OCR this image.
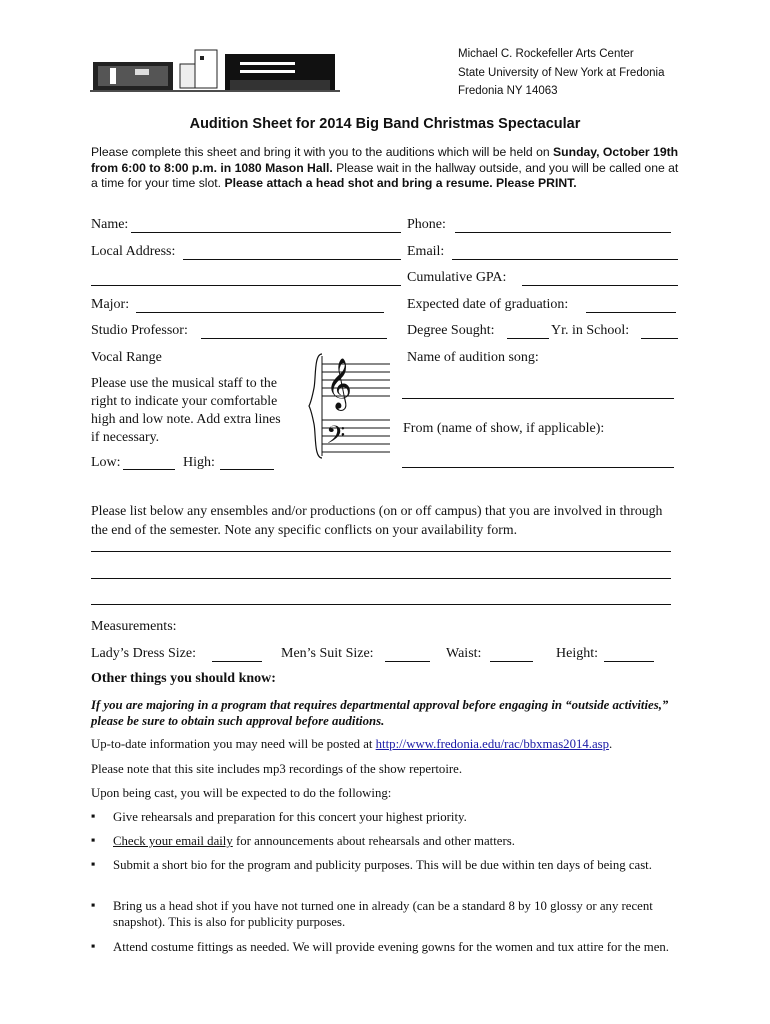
Michael C. Rockefeller Arts Center
State University of New York at Fredonia
Fredonia NY 14063
Audition Sheet for 2014 Big Band Christmas Spectacular
Please complete this sheet and bring it with you to the auditions which will be held on Sunday, October 19th from 6:00 to 8:00 p.m. in 1080 Mason Hall. Please wait in the hallway outside, and you will be called one at a time for your time slot. Please attach a head shot and bring a resume. Please PRINT.
Name:	Phone:
Local Address:	Email:
Cumulative GPA:
Major:	Expected date of graduation:
Studio Professor:	Degree Sought:	Yr. in School:
Vocal Range
Please use the musical staff to the right to indicate your comfortable high and low note. Add extra lines if necessary.
Low:	High:
𝄞
𝄢
Name of audition song:
From (name of show, if applicable):
Please list below any ensembles and/or productions (on or off campus) that you are involved in through the end of the semester. Note any specific conflicts on your availability form.
Measurements:
Lady’s Dress Size:	Men’s Suit Size:	Waist:	Height:
Other things you should know:
If you are majoring in a program that requires departmental approval before engaging in “outside activities,” please be sure to obtain such approval before auditions.
Up-to-date information you may need will be posted at http://www.fredonia.edu/rac/bbxmas2014.asp.
Please note that this site includes mp3 recordings of the show repertoire.
Upon being cast, you will be expected to do the following:
▪ Give rehearsals and preparation for this concert your highest priority.
▪ Check your email daily for announcements about rehearsals and other matters.
▪ Submit a short bio for the program and publicity purposes. This will be due within ten days of being cast.
▪ Bring us a head shot if you have not turned one in already (can be a standard 8 by 10 glossy or any recent snapshot). This is also for publicity purposes.
▪ Attend costume fittings as needed. We will provide evening gowns for the women and tux attire for the men.
